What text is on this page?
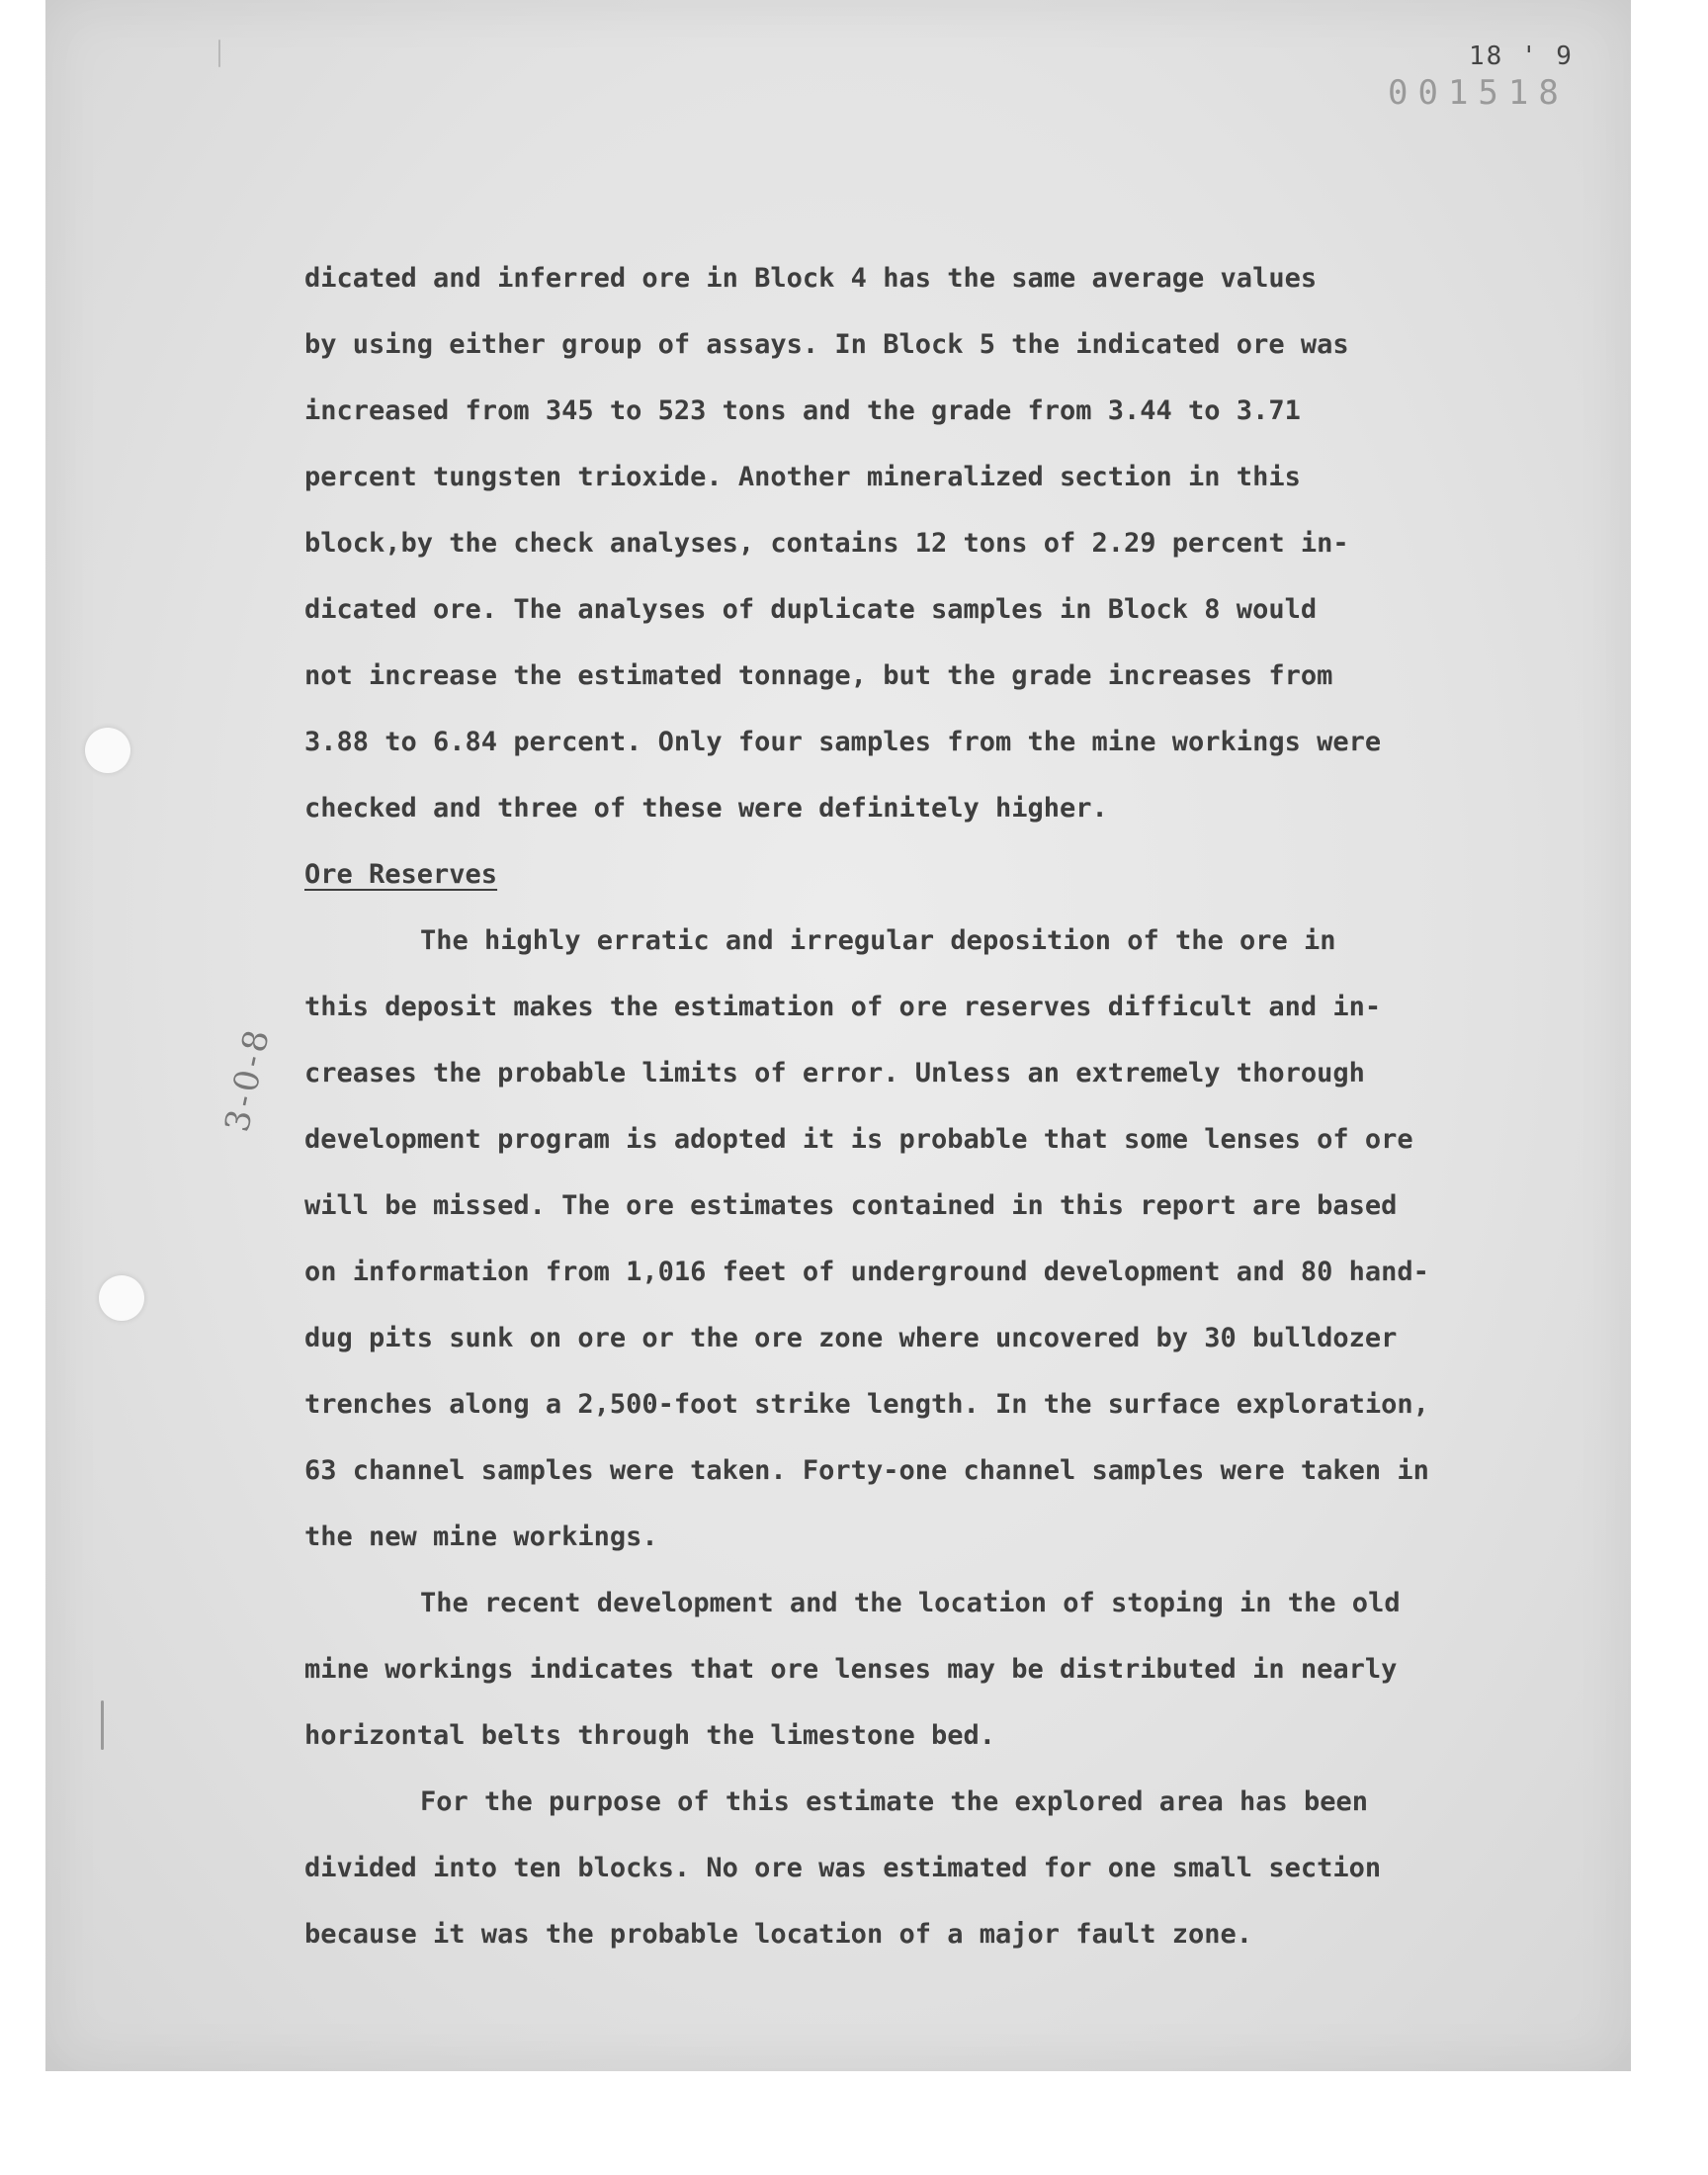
18 ' 9
001518
3-0-8
dicated and inferred ore in Block 4 has the same average values
by using either group of assays. In Block 5 the indicated ore was
increased from 345 to 523 tons and the grade from 3.44 to 3.71
percent tungsten trioxide. Another mineralized section in this
block,by the check analyses, contains 12 tons of 2.29 percent in-
dicated ore. The analyses of duplicate samples in Block 8 would
not increase the estimated tonnage, but the grade increases from
3.88 to 6.84 percent. Only four samples from the mine workings were
checked and three of these were definitely higher.
Ore Reserves
The highly erratic and irregular deposition of the ore in
this deposit makes the estimation of ore reserves difficult and in-
creases the probable limits of error. Unless an extremely thorough
development program is adopted it is probable that some lenses of ore
will be missed. The ore estimates contained in this report are based
on information from 1,016 feet of underground development and 80 hand-
dug pits sunk on ore or the ore zone where uncovered by 30 bulldozer
trenches along a 2,500-foot strike length. In the surface exploration,
63 channel samples were taken. Forty-one channel samples were taken in
the new mine workings.
The recent development and the location of stoping in the old
mine workings indicates that ore lenses may be distributed in nearly
horizontal belts through the limestone bed.
For the purpose of this estimate the explored area has been
divided into ten blocks. No ore was estimated for one small section
because it was the probable location of a major fault zone.
